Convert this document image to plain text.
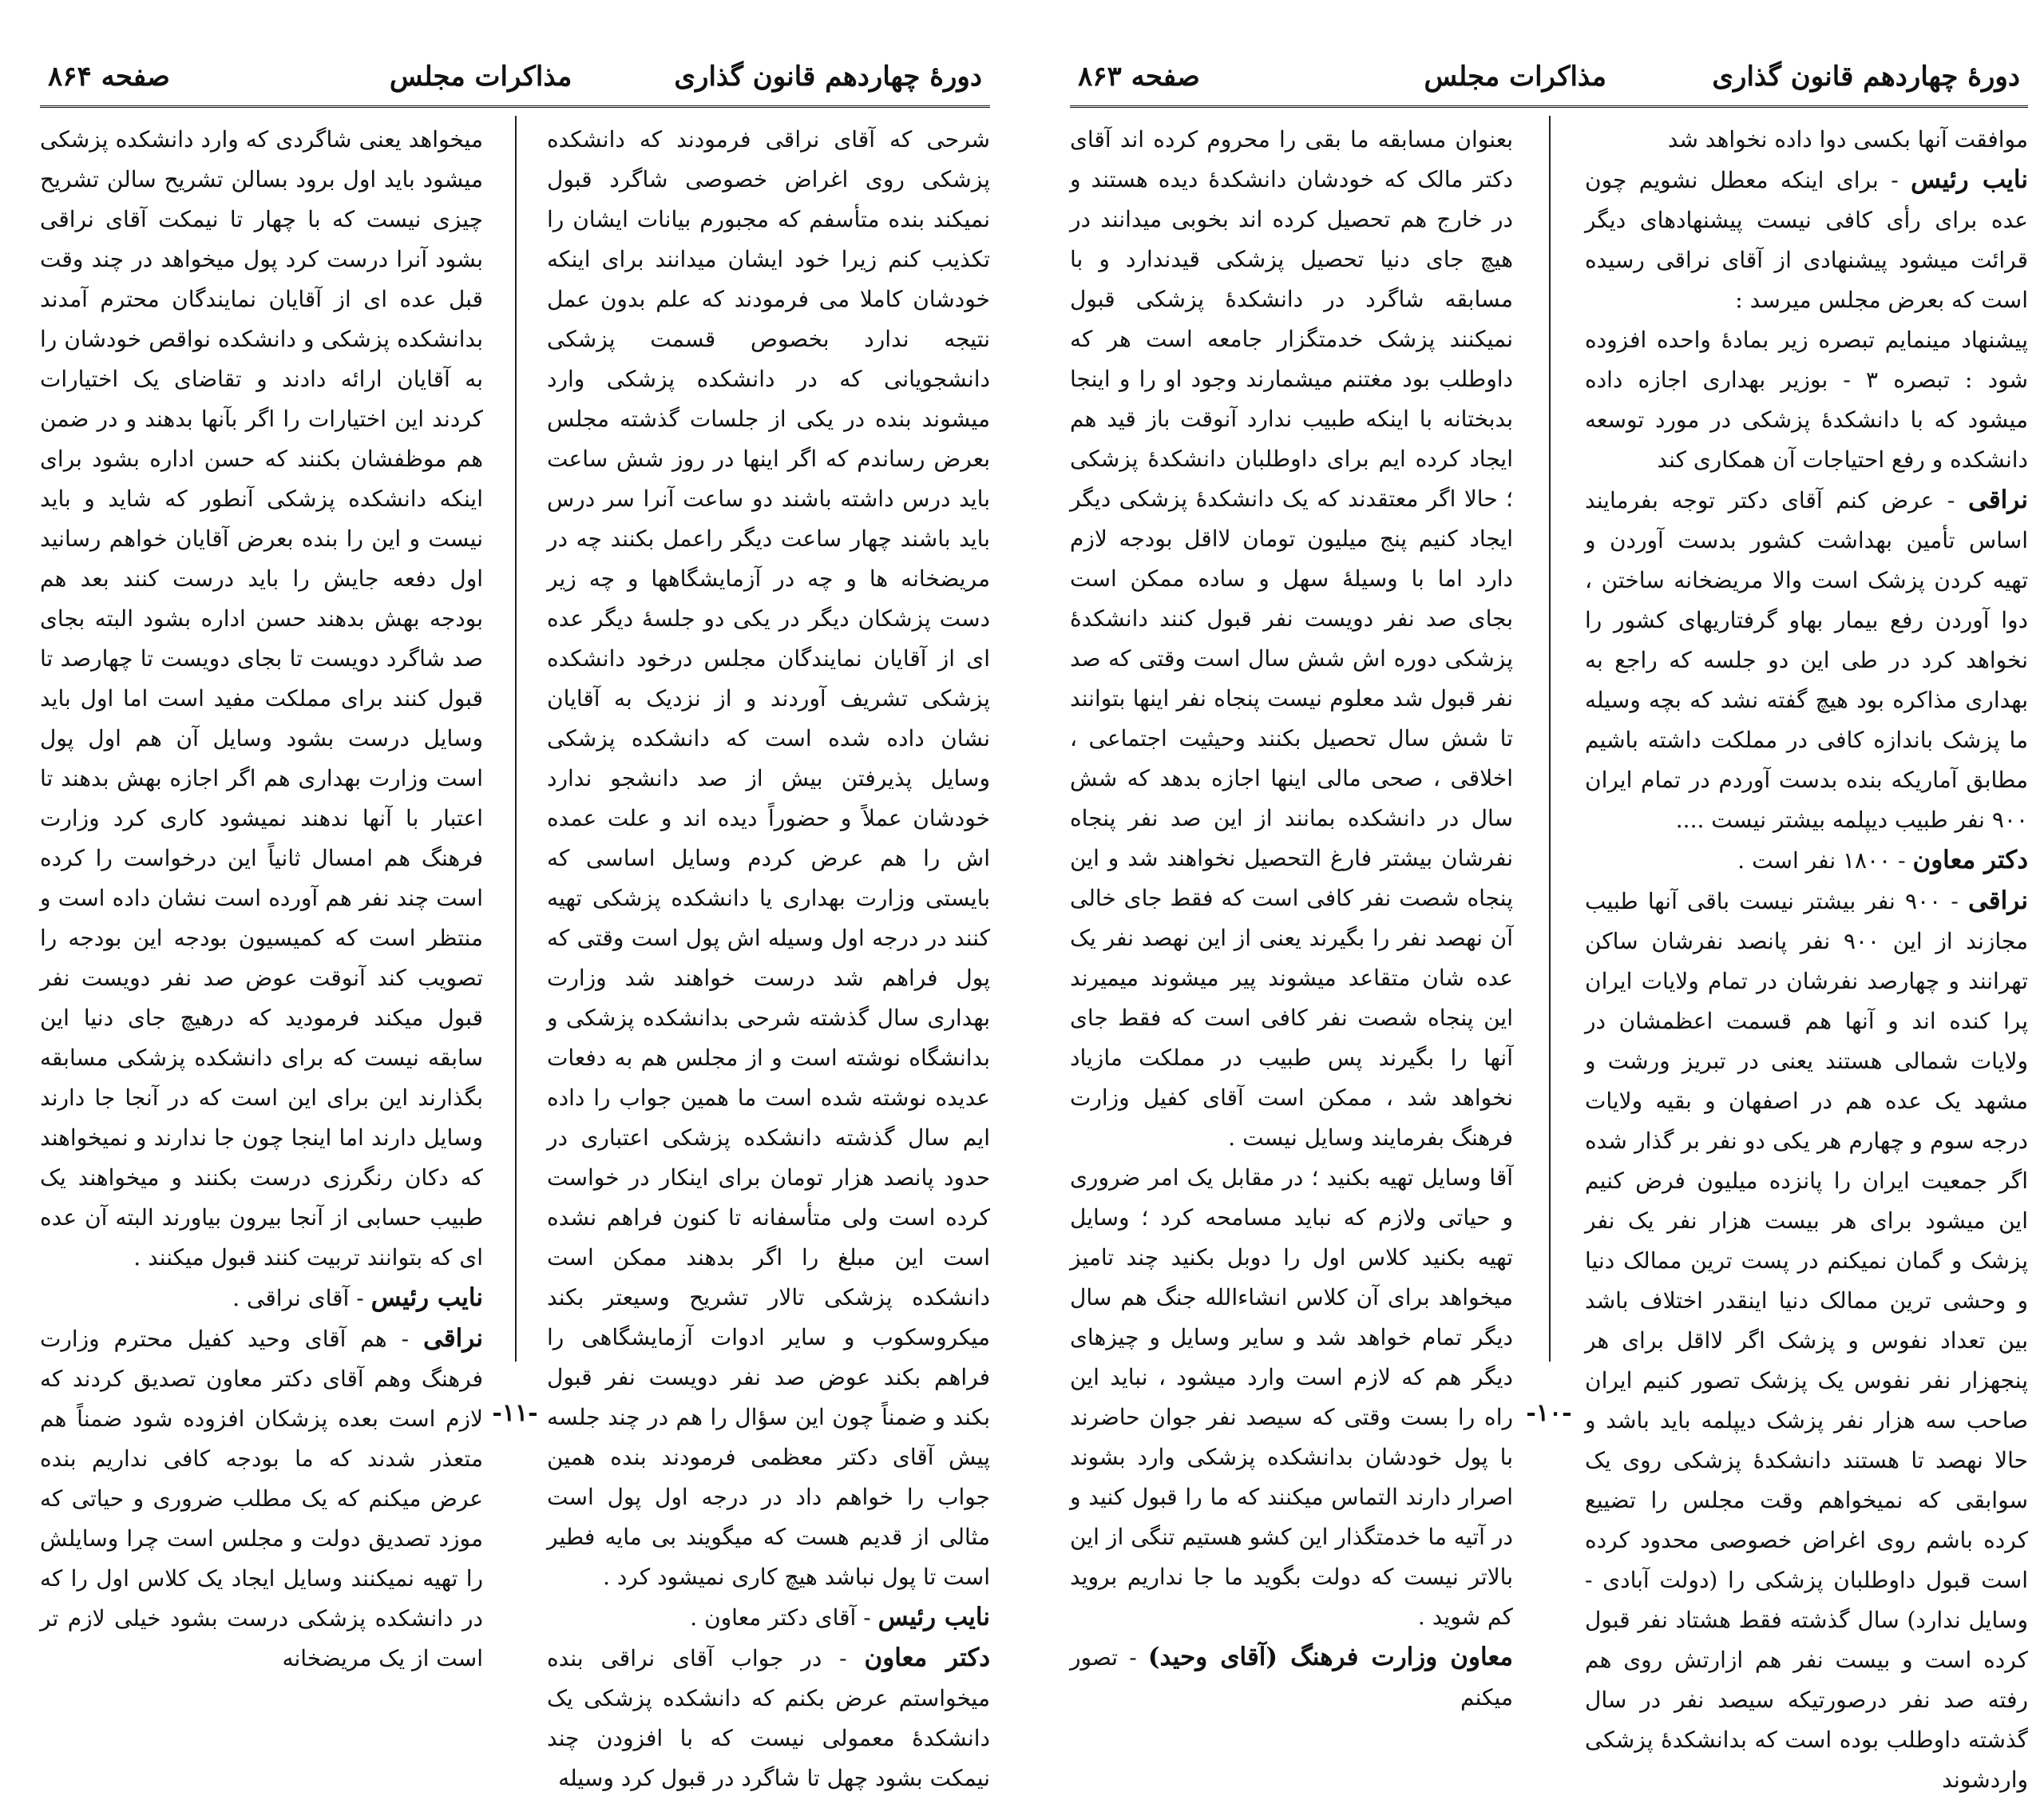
دورهٔ چهاردهم قانون گذاری
مذاکرات مجلس
صفحه ۸۶۳

موافقت آنها بکسی دوا داده نخواهد شد

نایب رئیس - برای اینکه معطل نشویم چون عده برای رأی کافی نیست پیشنهادهای دیگر قرائت میشود پیشنهادی از آقای نراقی رسیده است که بعرض مجلس میرسد :

پیشنهاد مینمایم تبصره زیر بمادهٔ واحده افزوده شود : تبصره ۳ - بوزیر بهداری اجازه داده میشود که با دانشکدهٔ پزشکی در مورد توسعه دانشکده و رفع احتیاجات آن همکاری کند

نراقی - عرض کنم آقای دکتر توجه بفرمایند اساس تأمین بهداشت کشور بدست آوردن و تهیه کردن پزشک است والا مریضخانه ساختن ، دوا آوردن رفع بیمار بهاو گرفتاریهای کشور را نخواهد کرد در طی این دو جلسه که راجع به بهداری مذاکره بود هیچ گفته نشد که بچه وسیله ما پزشک باندازه کافی در مملکت داشته باشیم مطابق آماریکه بنده بدست آوردم در تمام ایران ۹۰۰ نفر طبیب دیپلمه بیشتر نیست ....

دکتر معاون - ۱۸۰۰ نفر است .

نراقی - ۹۰۰ نفر بیشتر نیست باقی آنها طبیب مجازند از این ۹۰۰ نفر پانصد نفرشان ساکن تهرانند و چهارصد نفرشان در تمام ولایات ایران پرا کنده اند و آنها هم قسمت اعظمشان در ولایات شمالی هستند یعنی در تبریز ورشت و مشهد یک عده هم در اصفهان و بقیه ولایات درجه سوم و چهارم هر یکی دو نفر بر گذار شده اگر جمعیت ایران را پانزده میلیون فرض کنیم این میشود برای هر بیست هزار نفر یک نفر پزشک و گمان نمیکنم در پست ترین ممالک دنیا و وحشی ترین ممالک دنیا اینقدر اختلاف باشد بین تعداد نفوس و پزشک اگر لااقل برای هر پنجهزار نفر نفوس یک پزشک تصور کنیم ایران صاحب سه هزار نفر پزشک دیپلمه باید باشد و حالا نهصد تا هستند دانشکدهٔ پزشکی روی یک سوابقی که نمیخواهم وقت مجلس را تضییع کرده باشم روی اغراض خصوصی محدود کرده است قبول داوطلبان پزشکی را (دولت آبادی - وسایل ندارد) سال گذشته فقط هشتاد نفر قبول کرده است و بیست نفر هم ازارتش روی هم رفته صد نفر درصورتیکه سیصد نفر در سال گذشته داوطلب بوده است که بدانشکدهٔ پزشکی واردشوند

بعنوان مسابقه ما بقی را محروم کرده اند آقای دکتر مالک که خودشان دانشکدهٔ دیده هستند و در خارج هم تحصیل کرده اند بخوبی میدانند در هیچ جای دنیا تحصیل پزشکی قیدندارد و با مسابقه شاگرد در دانشکدهٔ پزشکی قبول نمیکنند پزشک خدمتگزار جامعه است هر که داوطلب بود مغتنم میشمارند وجود او را و اینجا بدبختانه با اینکه طبیب ندارد آنوقت باز قید هم ایجاد کرده ایم برای داوطلبان دانشکدهٔ پزشکی ؛ حالا اگر معتقدند که یک دانشکدهٔ پزشکی دیگر ایجاد کنیم پنج میلیون تومان لااقل بودجه لازم دارد اما با وسیلهٔ سهل و ساده ممکن است بجای صد نفر دویست نفر قبول کنند دانشکدهٔ پزشکی دوره اش شش سال است وقتی که صد نفر قبول شد معلوم نیست پنجاه نفر اینها بتوانند تا شش سال تحصیل بکنند وحیثیت اجتماعی ، اخلاقی ، صحی مالی اینها اجازه بدهد که شش سال در دانشکده بمانند از این صد نفر پنجاه نفرشان بیشتر فارغ التحصیل نخواهند شد و این پنجاه شصت نفر کافی است که فقط جای خالی آن نهصد نفر را بگیرند یعنی از این نهصد نفر یک عده شان متقاعد میشوند پیر میشوند میمیرند این پنجاه شصت نفر کافی است که فقط جای آنها را بگیرند پس طبیب در مملکت مازیاد نخواهد شد ، ممکن است آقای کفیل وزارت فرهنگ بفرمایند وسایل نیست .

آقا وسایل تهیه بکنید ؛ در مقابل یک امر ضروری و حیاتی ولازم که نباید مسامحه کرد ؛ وسایل تهیه بکنید کلاس اول را دوبل بکنید چند تامیز میخواهد برای آن کلاس انشاءالله جنگ هم سال دیگر تمام خواهد شد و سایر وسایل و چیزهای دیگر هم که لازم است وارد میشود ، نباید این راه را بست وقتی که سیصد نفر جوان حاضرند با پول خودشان بدانشکده پزشکی وارد بشوند اصرار دارند التماس میکنند که ما را قبول کنید و در آتیه ما خدمتگذار این کشو هستیم تنگی از این بالاتر نیست که دولت بگوید ما جا نداریم بروید کم شوید .

معاون وزارت فرهنگ (آقای وحید) - تصور میکنم

-۱۰-
دورهٔ چهاردهم قانون گذاری
مذاکرات مجلس
صفحه ۸۶۴

شرحی که آقای نراقی فرمودند که دانشکده پزشکی روی اغراض خصوصی شاگرد قبول نمیکند بنده متأسفم که مجبورم بیانات ایشان را تکذیب کنم زیرا خود ایشان میدانند برای اینکه خودشان کاملا می فرمودند که علم بدون عمل نتیجه ندارد بخصوص قسمت پزشکی دانشجویانی که در دانشکده پزشکی وارد میشوند بنده در یکی از جلسات گذشته مجلس بعرض رساندم که اگر اینها در روز شش ساعت باید درس داشته باشند دو ساعت آنرا سر درس باید باشند چهار ساعت دیگر راعمل بکنند چه در مریضخانه ها و چه در آزمایشگاهها و چه زیر دست پزشکان دیگر در یکی دو جلسهٔ دیگر عده ای از آقایان نمایندگان مجلس درخود دانشکده پزشکی تشریف آوردند و از نزدیک به آقایان نشان داده شده است که دانشکده پزشکی وسایل پذیرفتن بیش از صد دانشجو ندارد خودشان عملاً و حضوراً دیده اند و علت عمده اش را هم عرض کردم وسایل اساسی که بایستی وزارت بهداری یا دانشکده پزشکی تهیه کنند در درجه اول وسیله اش پول است وقتی که پول فراهم شد درست خواهند شد وزارت بهداری سال گذشته شرحی بدانشکده پزشکی و بدانشگاه نوشته است و از مجلس هم به دفعات عدیده نوشته شده است ما همین جواب را داده ایم سال گذشته دانشکده پزشکی اعتباری در حدود پانصد هزار تومان برای اینکار در خواست کرده است ولی متأسفانه تا کنون فراهم نشده است این مبلغ را اگر بدهند ممکن است دانشکده پزشکی تالار تشریح وسیعتر بکند میکروسکوب و سایر ادوات آزمایشگاهی را فراهم بکند عوض صد نفر دویست نفر قبول بکند و ضمناً چون این سؤال را هم در چند جلسه پیش آقای دکتر معظمی فرمودند بنده همین جواب را خواهم داد در درجه اول پول است مثالی از قدیم هست که میگویند بی مایه فطیر است تا پول نباشد هیچ کاری نمیشود کرد .

نایب رئیس - آقای دکتر معاون .

دکتر معاون - در جواب آقای نراقی بنده میخواستم عرض بکنم که دانشکده پزشکی یک دانشکدهٔ معمولی نیست که با افزودن چند نیمکت بشود چهل تا شاگرد در قبول کرد وسیله

میخواهد یعنی شاگردی که وارد دانشکده پزشکی میشود باید اول برود بسالن تشریح سالن تشریح چیزی نیست که با چهار تا نیمکت آقای نراقی بشود آنرا درست کرد پول میخواهد در چند وقت قبل عده ای از آقایان نمایندگان محترم آمدند بدانشکده پزشکی و دانشکده نواقص خودشان را به آقایان ارائه دادند و تقاضای یک اختیارات کردند این اختیارات را اگر بآنها بدهند و در ضمن هم موظفشان بکنند که حسن اداره بشود برای اینکه دانشکده پزشکی آنطور که شاید و باید نیست و این را بنده بعرض آقایان خواهم رسانید اول دفعه جایش را باید درست کنند بعد هم بودجه بهش بدهند حسن اداره بشود البته بجای صد شاگرد دویست تا بجای دویست تا چهارصد تا قبول کنند برای مملکت مفید است اما اول باید وسایل درست بشود وسایل آن هم اول پول است وزارت بهداری هم اگر اجازه بهش بدهند تا اعتبار با آنها ندهند نمیشود کاری کرد وزارت فرهنگ هم امسال ثانیاً این درخواست را کرده است چند نفر هم آورده است نشان داده است و منتظر است که کمیسیون بودجه این بودجه را تصویب کند آنوقت عوض صد نفر دویست نفر قبول میکند فرمودید که درهیچ جای دنیا این سابقه نیست که برای دانشکده پزشکی مسابقه بگذارند این برای این است که در آنجا جا دارند وسایل دارند اما اینجا چون جا ندارند و نمیخواهند که دکان رنگرزی درست بکنند و میخواهند یک طبیب حسابی از آنجا بیرون بیاورند البته آن عده ای که بتوانند تربیت کنند قبول میکنند .

نایب رئیس - آقای نراقی .

نراقی - هم آقای وحید کفیل محترم وزارت فرهنگ وهم آقای دکتر معاون تصدیق کردند که لازم است بعده پزشکان افزوده شود ضمناً هم متعذر شدند که ما بودجه کافی نداریم بنده عرض میکنم که یک مطلب ضروری و حیاتی که موزد تصدیق دولت و مجلس است چرا وسایلش را تهیه نمیکنند وسایل ایجاد یک کلاس اول را که در دانشکده پزشکی درست بشود خیلی لازم تر است از یک مریضخانه

-۱۱-
